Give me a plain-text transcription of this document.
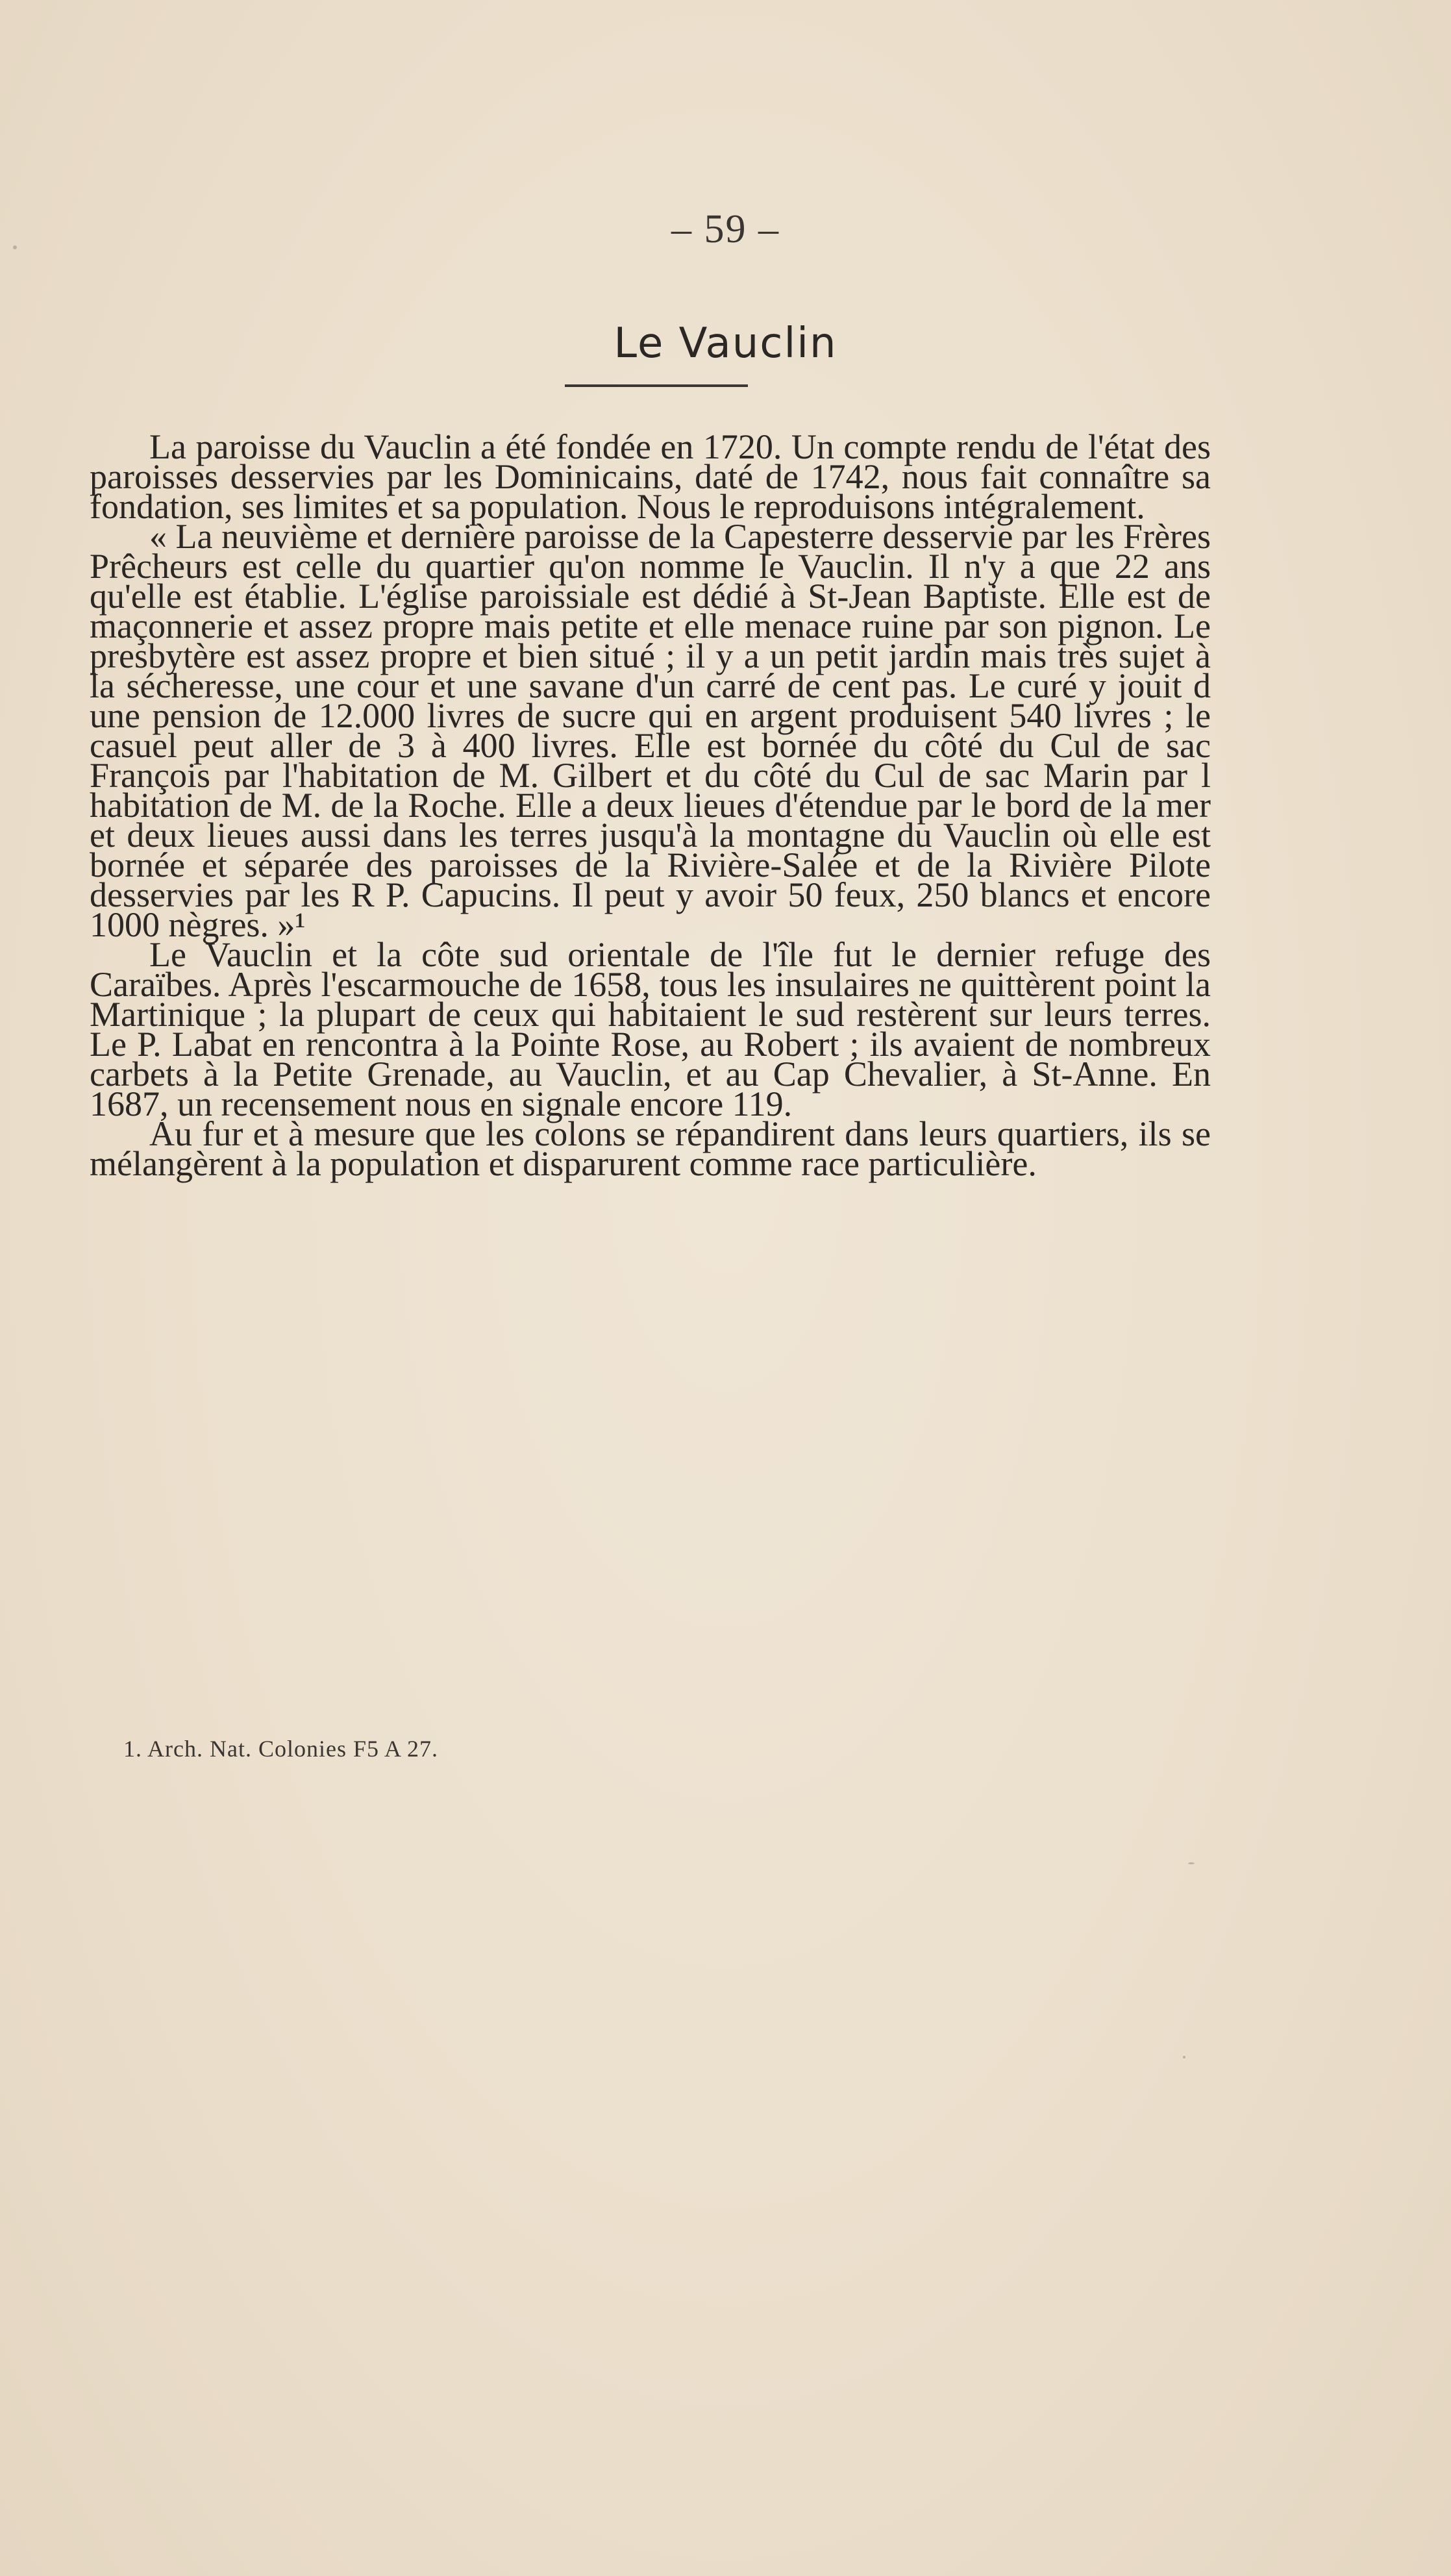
– 59 –
Le Vauclin

La paroisse du Vauclin a été fondée en 1720. Un compte rendu de l'état des paroisses desservies par les Dominicains, daté de 1742, nous fait connaître sa fondation, ses limites et sa population. Nous le reproduisons intégralement.

« La neuvième et dernière paroisse de la Capesterre desservie par les Frères Prêcheurs est celle du quartier qu'on nomme le Vauclin. Il n'y a que 22 ans qu'elle est établie. L'église paroissiale est dédié à St-Jean Baptiste. Elle est de maçonnerie et assez propre mais petite et elle menace ruine par son pignon. Le presbytère est assez propre et bien situé ; il y a un petit jardin mais très sujet à la sécheresse, une cour et une savane d'un carré de cent pas. Le curé y jouit d une pension de 12.000 livres de sucre qui en argent produisent 540 livres ; le casuel peut aller de 3 à 400 livres. Elle est bornée du côté du Cul de sac François par l'habitation de M. Gilbert et du côté du Cul de sac Marin par l habitation de M. de la Roche. Elle a deux lieues d'étendue par le bord de la mer et deux lieues aussi dans les terres jusqu'à la montagne du Vauclin où elle est bornée et séparée des paroisses de la Rivière-Salée et de la Rivière Pilote desservies par les R P. Capucins. Il peut y avoir 50 feux, 250 blancs et encore 1000 nègres. »¹

Le Vauclin et la côte sud orientale de l'île fut le dernier refuge des Caraïbes. Après l'escarmouche de 1658, tous les insulaires ne quittèrent point la Martinique ; la plupart de ceux qui habitaient le sud restèrent sur leurs terres. Le P. Labat en rencontra à la Pointe Rose, au Robert ; ils avaient de nombreux carbets à la Petite Grenade, au Vauclin, et au Cap Chevalier, à St-Anne. En 1687, un recensement nous en signale encore 119.

Au fur et à mesure que les colons se répandirent dans leurs quartiers, ils se mélangèrent à la population et disparurent comme race particulière.

1. Arch. Nat. Colonies F5 A 27.
